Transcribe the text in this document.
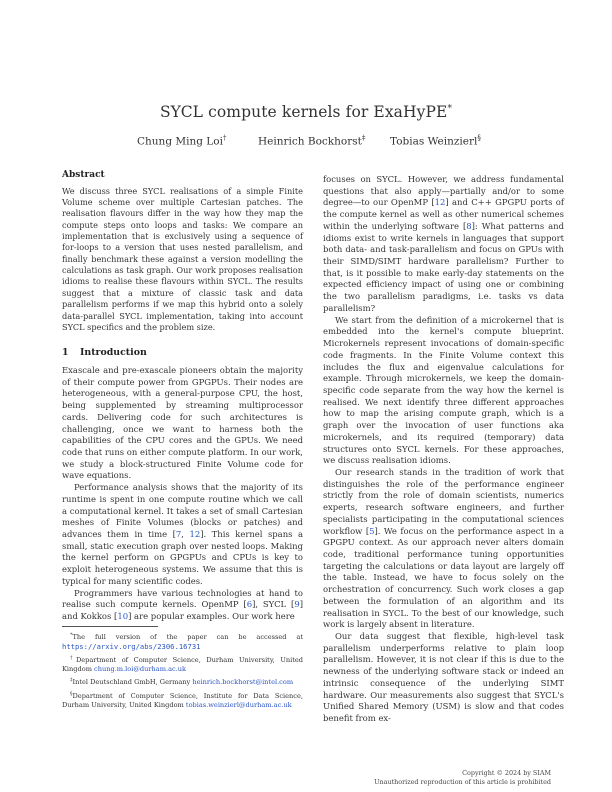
SYCL compute kernels for ExaHyPE*
Chung Ming Loi†	Heinrich Bockhorst‡ Tobias Weinzierl§
Abstract

We discuss three SYCL realisations of a simple Finite Volume scheme over multiple Cartesian patches. The realisation flavours differ in the way how they map the compute steps onto loops and tasks: We compare an implementation that is exclusively using a sequence of for-loops to a version that uses nested parallelism, and finally benchmark these against a version modelling the calculations as task graph. Our work proposes realisation idioms to realise these flavours within SYCL. The results suggest that a mixture of classic task and data parallelism performs if we map this hybrid onto a solely data-parallel SYCL implementation, taking into account SYCL specifics and the problem size.

1 Introduction

Exascale and pre-exascale pioneers obtain the majority of their compute power from GPGPUs. Their nodes are heterogeneous, with a general-purpose CPU, the host, being supplemented by streaming multiprocessor cards. Delivering code for such architectures is challenging, once we want to harness both the capabilities of the CPU cores and the GPUs. We need code that runs on either compute platform. In our work, we study a block-structured Finite Volume code for wave equations.

Performance analysis shows that the majority of its runtime is spent in one compute routine which we call a computational kernel. It takes a set of small Cartesian meshes of Finite Volumes (blocks or patches) and advances them in time [7, 12]. This kernel spans a small, static execution graph over nested loops. Making the kernel perform on GPGPUs and CPUs is key to exploit heterogeneous systems. We assume that this is typical for many scientific codes.

Programmers have various technologies at hand to realise such compute kernels. OpenMP [6], SYCL [9] and Kokkos [10] are popular examples. Our work here

*The full version of the paper can be accessed at https://arxiv.org/abs/2306.16731

†Department of Computer Science, Durham University, United Kingdom chung.m.loi@durham.ac.uk

‡Intel Deutschland GmbH, Germany heinrich.bockhorst@intel.com

§Department of Computer Science, Institute for Data Science, Durham University, United Kingdom tobias.weinzierl@durham.ac.uk

focuses on SYCL. However, we address fundamental questions that also apply—partially and/or to some degree—to our OpenMP [12] and C++ GPGPU ports of the compute kernel as well as other numerical schemes within the underlying software [8]: What patterns and idioms exist to write kernels in languages that support both data- and task-parallelism and focus on GPUs with their SIMD/SIMT hardware parallelism? Further to that, is it possible to make early-day statements on the expected efficiency impact of using one or combining the two parallelism paradigms, i.e. tasks vs data parallelism?

We start from the definition of a microkernel that is embedded into the kernel's compute blueprint. Microkernels represent invocations of domain-specific code fragments. In the Finite Volume context this includes the flux and eigenvalue calculations for example. Through microkernels, we keep the domain-specific code separate from the way how the kernel is realised. We next identify three different approaches how to map the arising compute graph, which is a graph over the invocation of user functions aka microkernels, and its required (temporary) data structures onto SYCL kernels. For these approaches, we discuss realisation idioms.

Our research stands in the tradition of work that distinguishes the role of the performance engineer strictly from the role of domain scientists, numerics experts, research software engineers, and further specialists participating in the computational sciences workflow [5]. We focus on the performance aspect in a GPGPU context. As our approach never alters domain code, traditional performance tuning opportunities targeting the calculations or data layout are largely off the table. Instead, we have to focus solely on the orchestration of concurrency. Such work closes a gap between the formulation of an algorithm and its realisation in SYCL. To the best of our knowledge, such work is largely absent in literature.

Our data suggest that flexible, high-level task parallelism underperforms relative to plain loop parallelism. However, it is not clear if this is due to the newness of the underlying software stack or indeed an intrinsic consequence of the underlying SIMT hardware. Our measurements also suggest that SYCL's Unified Shared Memory (USM) is slow and that codes benefit from ex-

Copyright © 2024 by SIAM
Unauthorized reproduction of this article is prohibited
